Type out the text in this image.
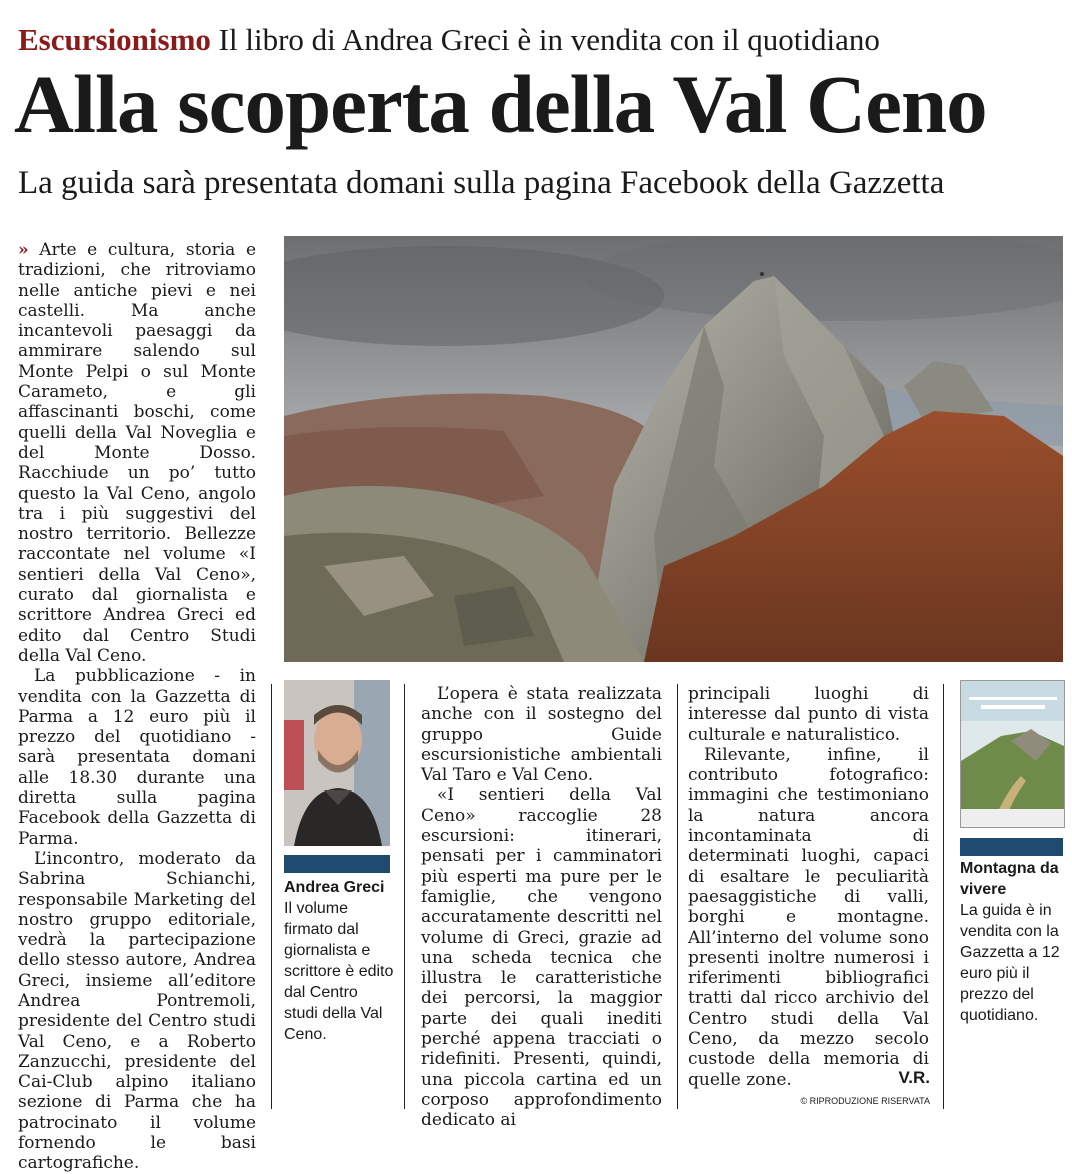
Escursionismo Il libro di Andrea Greci è in vendita con il quotidiano
Alla scoperta della Val Ceno
La guida sarà presentata domani sulla pagina Facebook della Gazzetta

» Arte e cultura, storia e tradizioni, che ritroviamo nelle antiche pievi e nei castelli. Ma anche incantevoli paesaggi da ammirare salendo sul Monte Pelpi o sul Monte Carameto, e gli affascinanti boschi, come quelli della Val Noveglia e del Monte Dosso. Racchiude un po’ tutto questo la Val Ceno, angolo tra i più suggestivi del nostro territorio. Bellezze raccontate nel volume «I sentieri della Val Ceno», curato dal giornalista e scrittore Andrea Greci ed edito dal Centro Studi della Val Ceno.

La pubblicazione - in vendita con la Gazzetta di Parma a 12 euro più il prezzo del quotidiano - sarà presentata domani alle 18.30 durante una diretta sulla pagina Facebook della Gazzetta di Parma.

L’incontro, moderato da Sabrina Schianchi, responsabile Marketing del nostro gruppo editoriale, vedrà la partecipazione dello stesso autore, Andrea Greci, insieme all’editore Andrea Pontremoli, presidente del Centro studi Val Ceno, e a Roberto Zanzucchi, presidente del Cai-Club alpino italiano sezione di Parma che ha patrocinato il volume fornendo le basi cartografiche.

Andrea Greci
Il volume firmato dal giornalista e scrittore è edito dal Centro studi della Val Ceno.

L’opera è stata realizzata anche con il sostegno del gruppo Guide escursionistiche ambientali Val Taro e Val Ceno.

«I sentieri della Val Ceno» raccoglie 28 escursioni: itinerari, pensati per i camminatori più esperti ma pure per le famiglie, che vengono accuratamente descritti nel volume di Greci, grazie ad una scheda tecnica che illustra le caratteristiche dei percorsi, la maggior parte dei quali inediti perché appena tracciati o ridefiniti. Presenti, quindi, una piccola cartina ed un corposo approfondimento dedicato ai

principali luoghi di interesse dal punto di vista culturale e naturalistico.

Rilevante, infine, il contributo fotografico: immagini che testimoniano la natura ancora incontaminata di determinati luoghi, capaci di esaltare le peculiarità paesaggistiche di valli, borghi e montagne. All’interno del volume sono presenti inoltre numerosi i riferimenti bibliografici tratti dal ricco archivio del Centro studi della Val Ceno, da mezzo secolo custode della memoria di quelle zone.	V.R.
© RIPRODUZIONE RISERVATA
Montagna da vivere
La guida è in vendita con la Gazzetta a 12 euro più il prezzo del quotidiano.
